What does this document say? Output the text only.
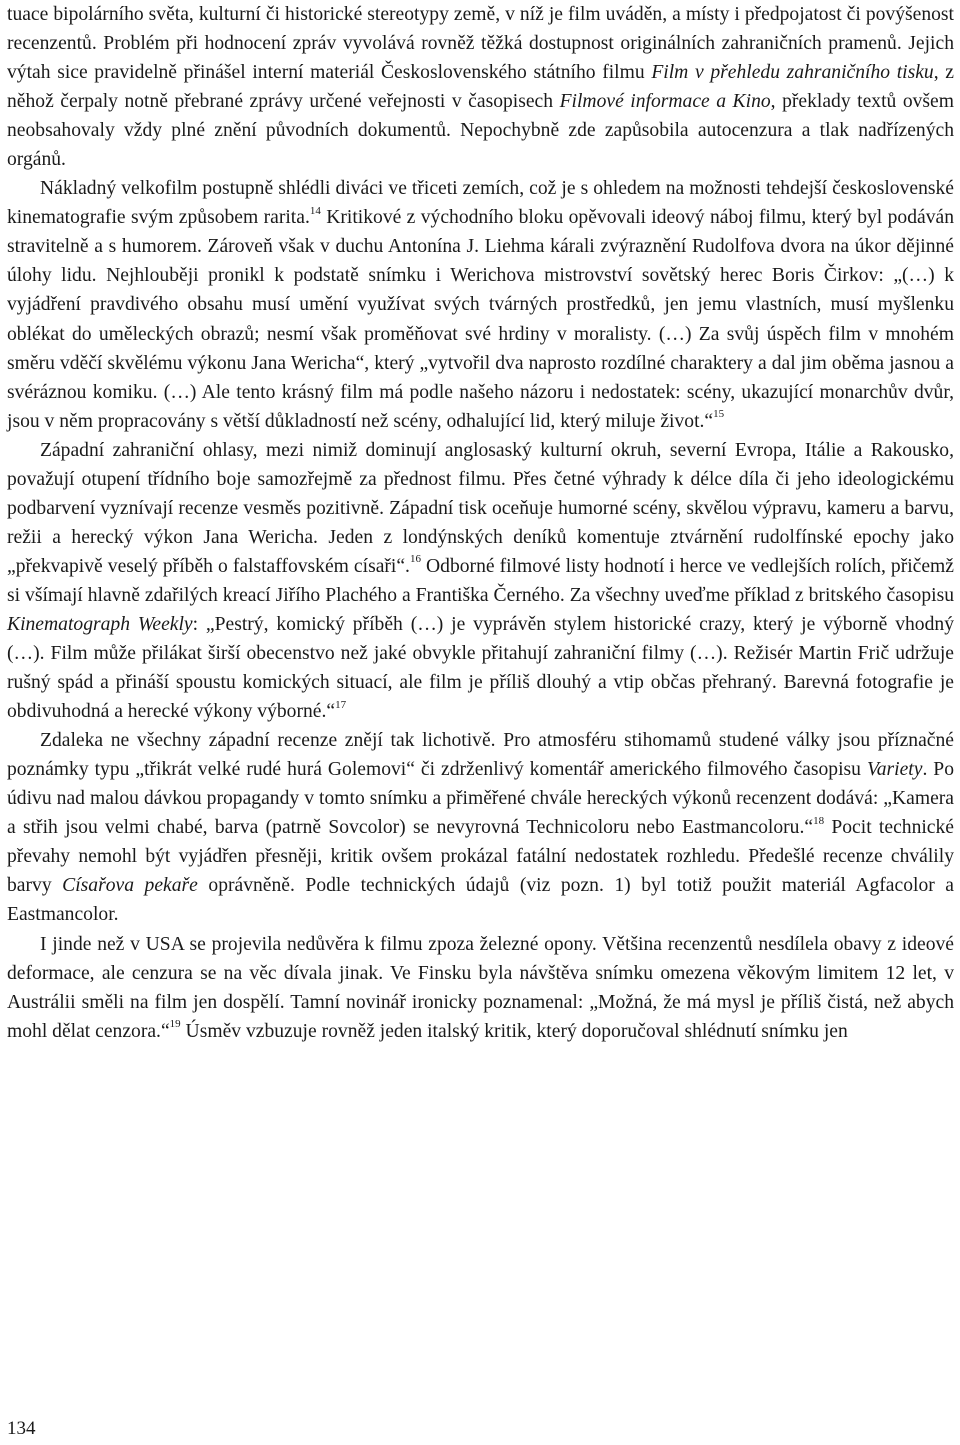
tuace bipolárního světa, kulturní či historické stereotypy země, v níž je film uváděn, a místy i předpojatost či povýšenost recenzentů. Problém při hodnocení zpráv vyvolává rovněž těžká dostupnost originálních zahraničních pramenů. Jejich výtah sice pravidelně přinášel interní materiál Československého státního filmu Film v přehledu zahraničního tisku, z něhož čerpaly notně přebrané zprávy určené veřejnosti v časopisech Filmové informace a Kino, překlady textů ovšem neobsahovaly vždy plné znění původních dokumentů. Nepochybně zde zapůsobila autocenzura a tlak nadřízených orgánů.

Nákladný velkofilm postupně shlédli diváci ve třiceti zemích, což je s ohledem na možnosti tehdejší československé kinematografie svým způsobem rarita.$^{14}$ Kritikové z východního bloku opěvovali ideový náboj filmu, který byl podáván stravitelně a s humorem. Zároveň však v duchu Antonína J. Liehma kárali zvýraznění Rudolfova dvora na úkor dějinné úlohy lidu. Nejhlouběji pronikl k podstatě snímku i Werichova mistrovství sovětský herec Boris Čirkov: „(…) k vyjádření pravdivého obsahu musí umění využívat svých tvárných prostředků, jen jemu vlastních, musí myšlenku oblékat do uměleckých obrazů; nesmí však proměňovat své hrdiny v moralisty. (…) Za svůj úspěch film v mnohém směru vděčí skvělému výkonu Jana Wericha“, který „vytvořil dva naprosto rozdílné charaktery a dal jim oběma jasnou a svéráznou komiku. (…) Ale tento krásný film má podle našeho názoru i nedostatek: scény, ukazující monarchův dvůr, jsou v něm propracovány s větší důkladností než scény, odhalující lid, který miluje život.“$^{15}$

Západní zahraniční ohlasy, mezi nimiž dominují anglosaský kulturní okruh, severní Evropa, Itálie a Rakousko, považují otupení třídního boje samozřejmě za přednost filmu. Přes četné výhrady k délce díla či jeho ideologickému podbarvení vyznívají recenze vesměs pozitivně. Západní tisk oceňuje humorné scény, skvělou výpravu, kameru a barvu, režii a herecký výkon Jana Wericha. Jeden z londýnských deníků komentuje ztvárnění rudolfínské epochy jako „překvapivě veselý příběh o falstaffovském císaři“.$^{16}$ Odborné filmové listy hodnotí i herce ve vedlejších rolích, přičemž si všímají hlavně zdařilých kreací Jiřího Plachého a Františka Černého. Za všechny uveďme příklad z britského časopisu Kinematograph Weekly: „Pestrý, komický příběh (…) je vyprávěn stylem historické crazy, který je výborně vhodný (…). Film může přilákat širší obecenstvo než jaké obvykle přitahují zahraniční filmy (…). Režisér Martin Frič udržuje rušný spád a přináší spoustu komických situací, ale film je příliš dlouhý a vtip občas přehraný. Barevná fotografie je obdivuhodná a herecké výkony výborné.“$^{17}$

Zdaleka ne všechny západní recenze znějí tak lichotivě. Pro atmosféru stihomamů studené války jsou příznačné poznámky typu „třikrát velké rudé hurá Golemovi“ či zdrženlivý komentář amerického filmového časopisu Variety. Po údivu nad malou dávkou propagandy v tomto snímku a přiměřené chvále hereckých výkonů recenzent dodává: „Kamera a střih jsou velmi chabé, barva (patrně Sovcolor) se nevyrovná Technicoloru nebo Eastmancoloru.“$^{18}$ Pocit technické převahy nemohl být vyjádřen přesněji, kritik ovšem prokázal fatální nedostatek rozhledu. Předešlé recenze chválily barvy Císařova pekaře oprávněně. Podle technických údajů (viz pozn. 1) byl totiž použit materiál Agfacolor a Eastmancolor.

I jinde než v USA se projevila nedůvěra k filmu zpoza železné opony. Většina recenzentů nesdílela obavy z ideové deformace, ale cenzura se na věc dívala jinak. Ve Finsku byla návštěva snímku omezena věkovým limitem 12 let, v Austrálii směli na film jen dospělí. Tamní novinář ironicky poznamenal: „Možná, že má mysl je příliš čistá, než abych mohl dělat cenzora.“$^{19}$ Úsměv vzbuzuje rovněž jeden italský kritik, který doporučoval shlédnutí snímku jen

134
